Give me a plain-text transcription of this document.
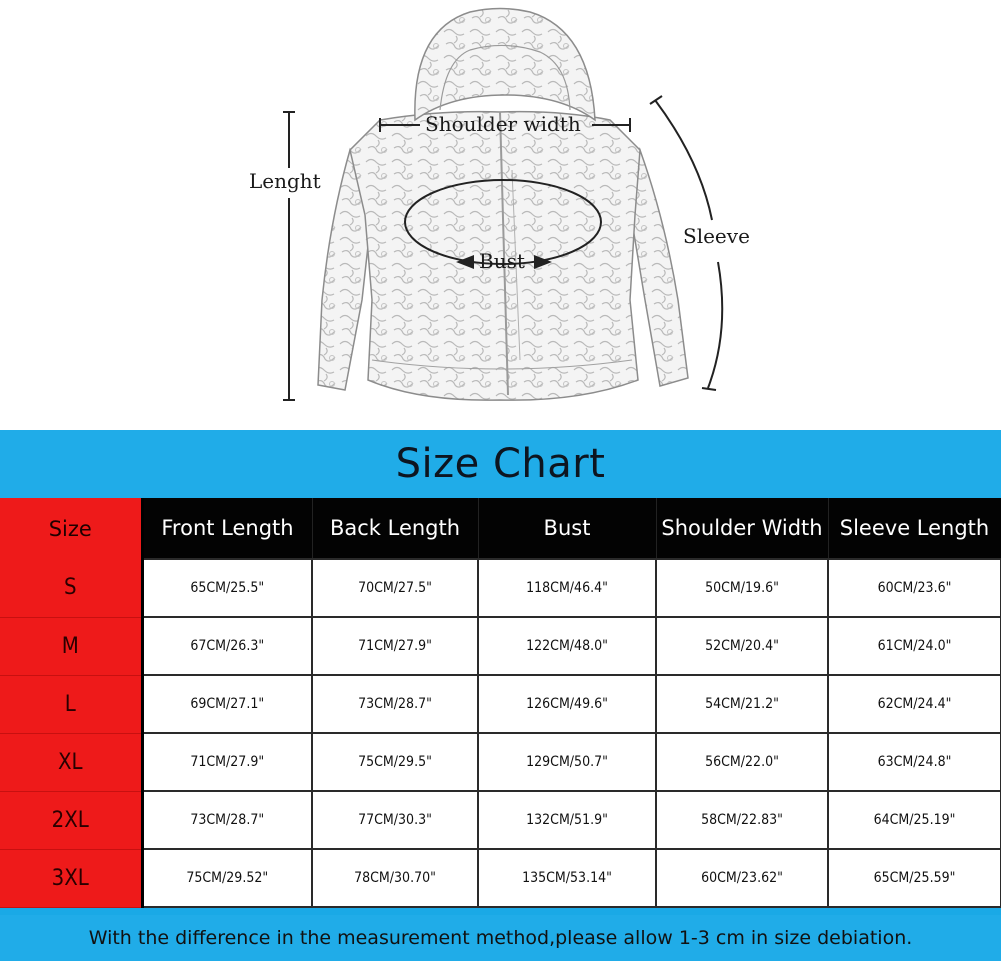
Lenght
Shoulder width
Bust
Sleeve
Size Chart
Size	Front Length	Back Length	Bust	Shoulder Width	Sleeve Length
S	65CM/25.5"	70CM/27.5"	118CM/46.4"	50CM/19.6"	60CM/23.6"
M	67CM/26.3"	71CM/27.9"	122CM/48.0"	52CM/20.4"	61CM/24.0"
L	69CM/27.1"	73CM/28.7"	126CM/49.6"	54CM/21.2"	62CM/24.4"
XL	71CM/27.9"	75CM/29.5"	129CM/50.7"	56CM/22.0"	63CM/24.8"
2XL	73CM/28.7"	77CM/30.3"	132CM/51.9"	58CM/22.83"	64CM/25.19"
3XL	75CM/29.52"	78CM/30.70"	135CM/53.14"	60CM/23.62"	65CM/25.59"
With the difference in the measurement method,please allow 1-3 cm in size debiation.
